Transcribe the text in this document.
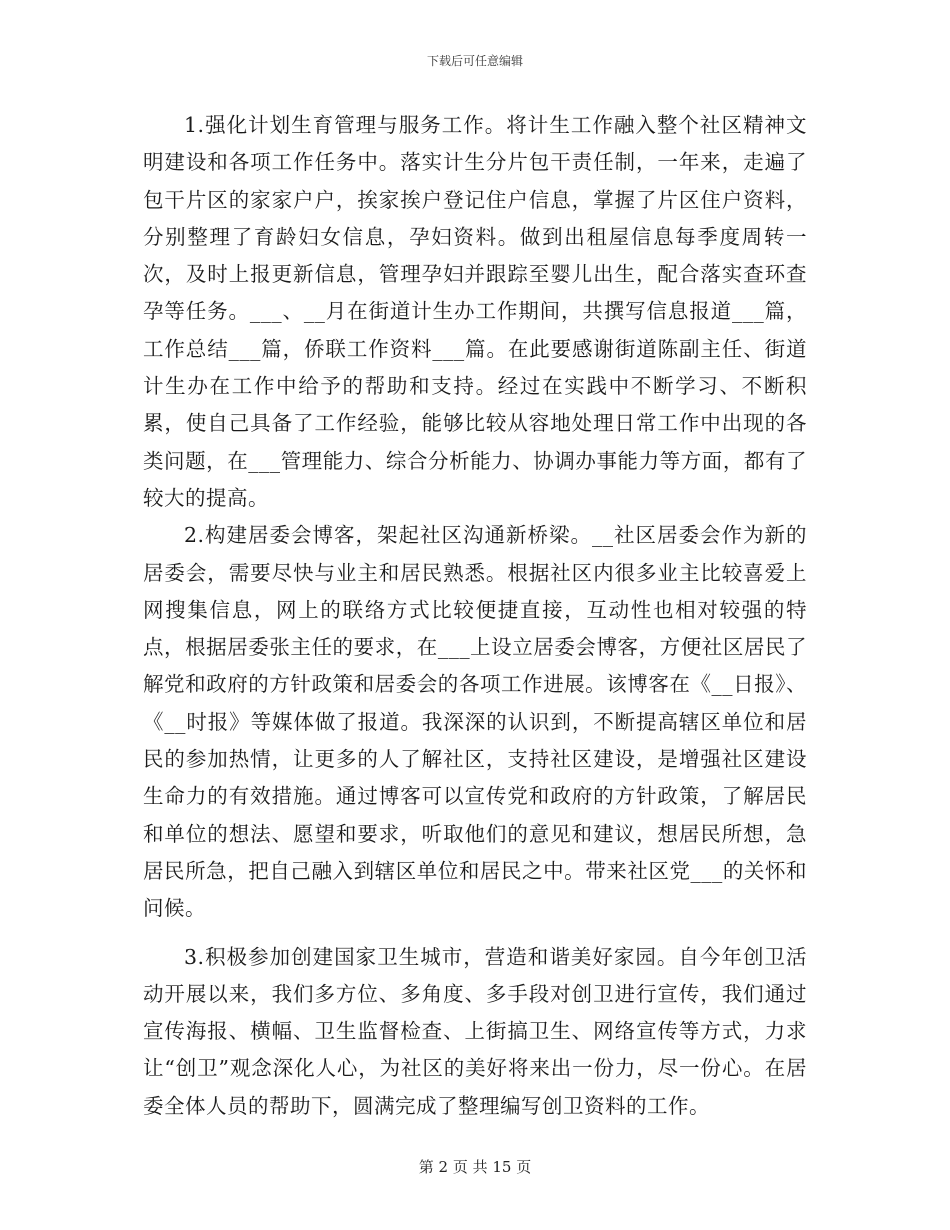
下载后可任意编辑

1.强化计划生育管理与服务工作。将计生工作融入整个社区精神文明建设和各项工作任务中。落实计生分片包干责任制，一年来，走遍了包干片区的家家户户，挨家挨户登记住户信息，掌握了片区住户资料，分别整理了育龄妇女信息，孕妇资料。做到出租屋信息每季度周转一次，及时上报更新信息，管理孕妇并跟踪至婴儿出生，配合落实查环查孕等任务。___、__月在街道计生办工作期间，共撰写信息报道___篇，工作总结___篇，侨联工作资料___篇。在此要感谢街道陈副主任、街道计生办在工作中给予的帮助和支持。经过在实践中不断学习、不断积累，使自己具备了工作经验，能够比较从容地处理日常工作中出现的各类问题，在___管理能力、综合分析能力、协调办事能力等方面，都有了较大的提高。

2.构建居委会博客，架起社区沟通新桥梁。__社区居委会作为新的居委会，需要尽快与业主和居民熟悉。根据社区内很多业主比较喜爱上网搜集信息，网上的联络方式比较便捷直接，互动性也相对较强的特点，根据居委张主任的要求，在___上设立居委会博客，方便社区居民了解党和政府的方针政策和居委会的各项工作进展。该博客在《__日报》、《__时报》等媒体做了报道。我深深的认识到，不断提高辖区单位和居民的参加热情，让更多的人了解社区，支持社区建设，是增强社区建设生命力的有效措施。通过博客可以宣传党和政府的方针政策，了解居民和单位的想法、愿望和要求，听取他们的意见和建议，想居民所想，急居民所急，把自己融入到辖区单位和居民之中。带来社区党___的关怀和问候。

3.积极参加创建国家卫生城市，营造和谐美好家园。自今年创卫活动开展以来，我们多方位、多角度、多手段对创卫进行宣传，我们通过宣传海报、横幅、卫生监督检查、上街搞卫生、网络宣传等方式，力求让“创卫”观念深化人心，为社区的美好将来出一份力，尽一份心。在居委全体人员的帮助下，圆满完成了整理编写创卫资料的工作。

第 2 页 共 15 页
